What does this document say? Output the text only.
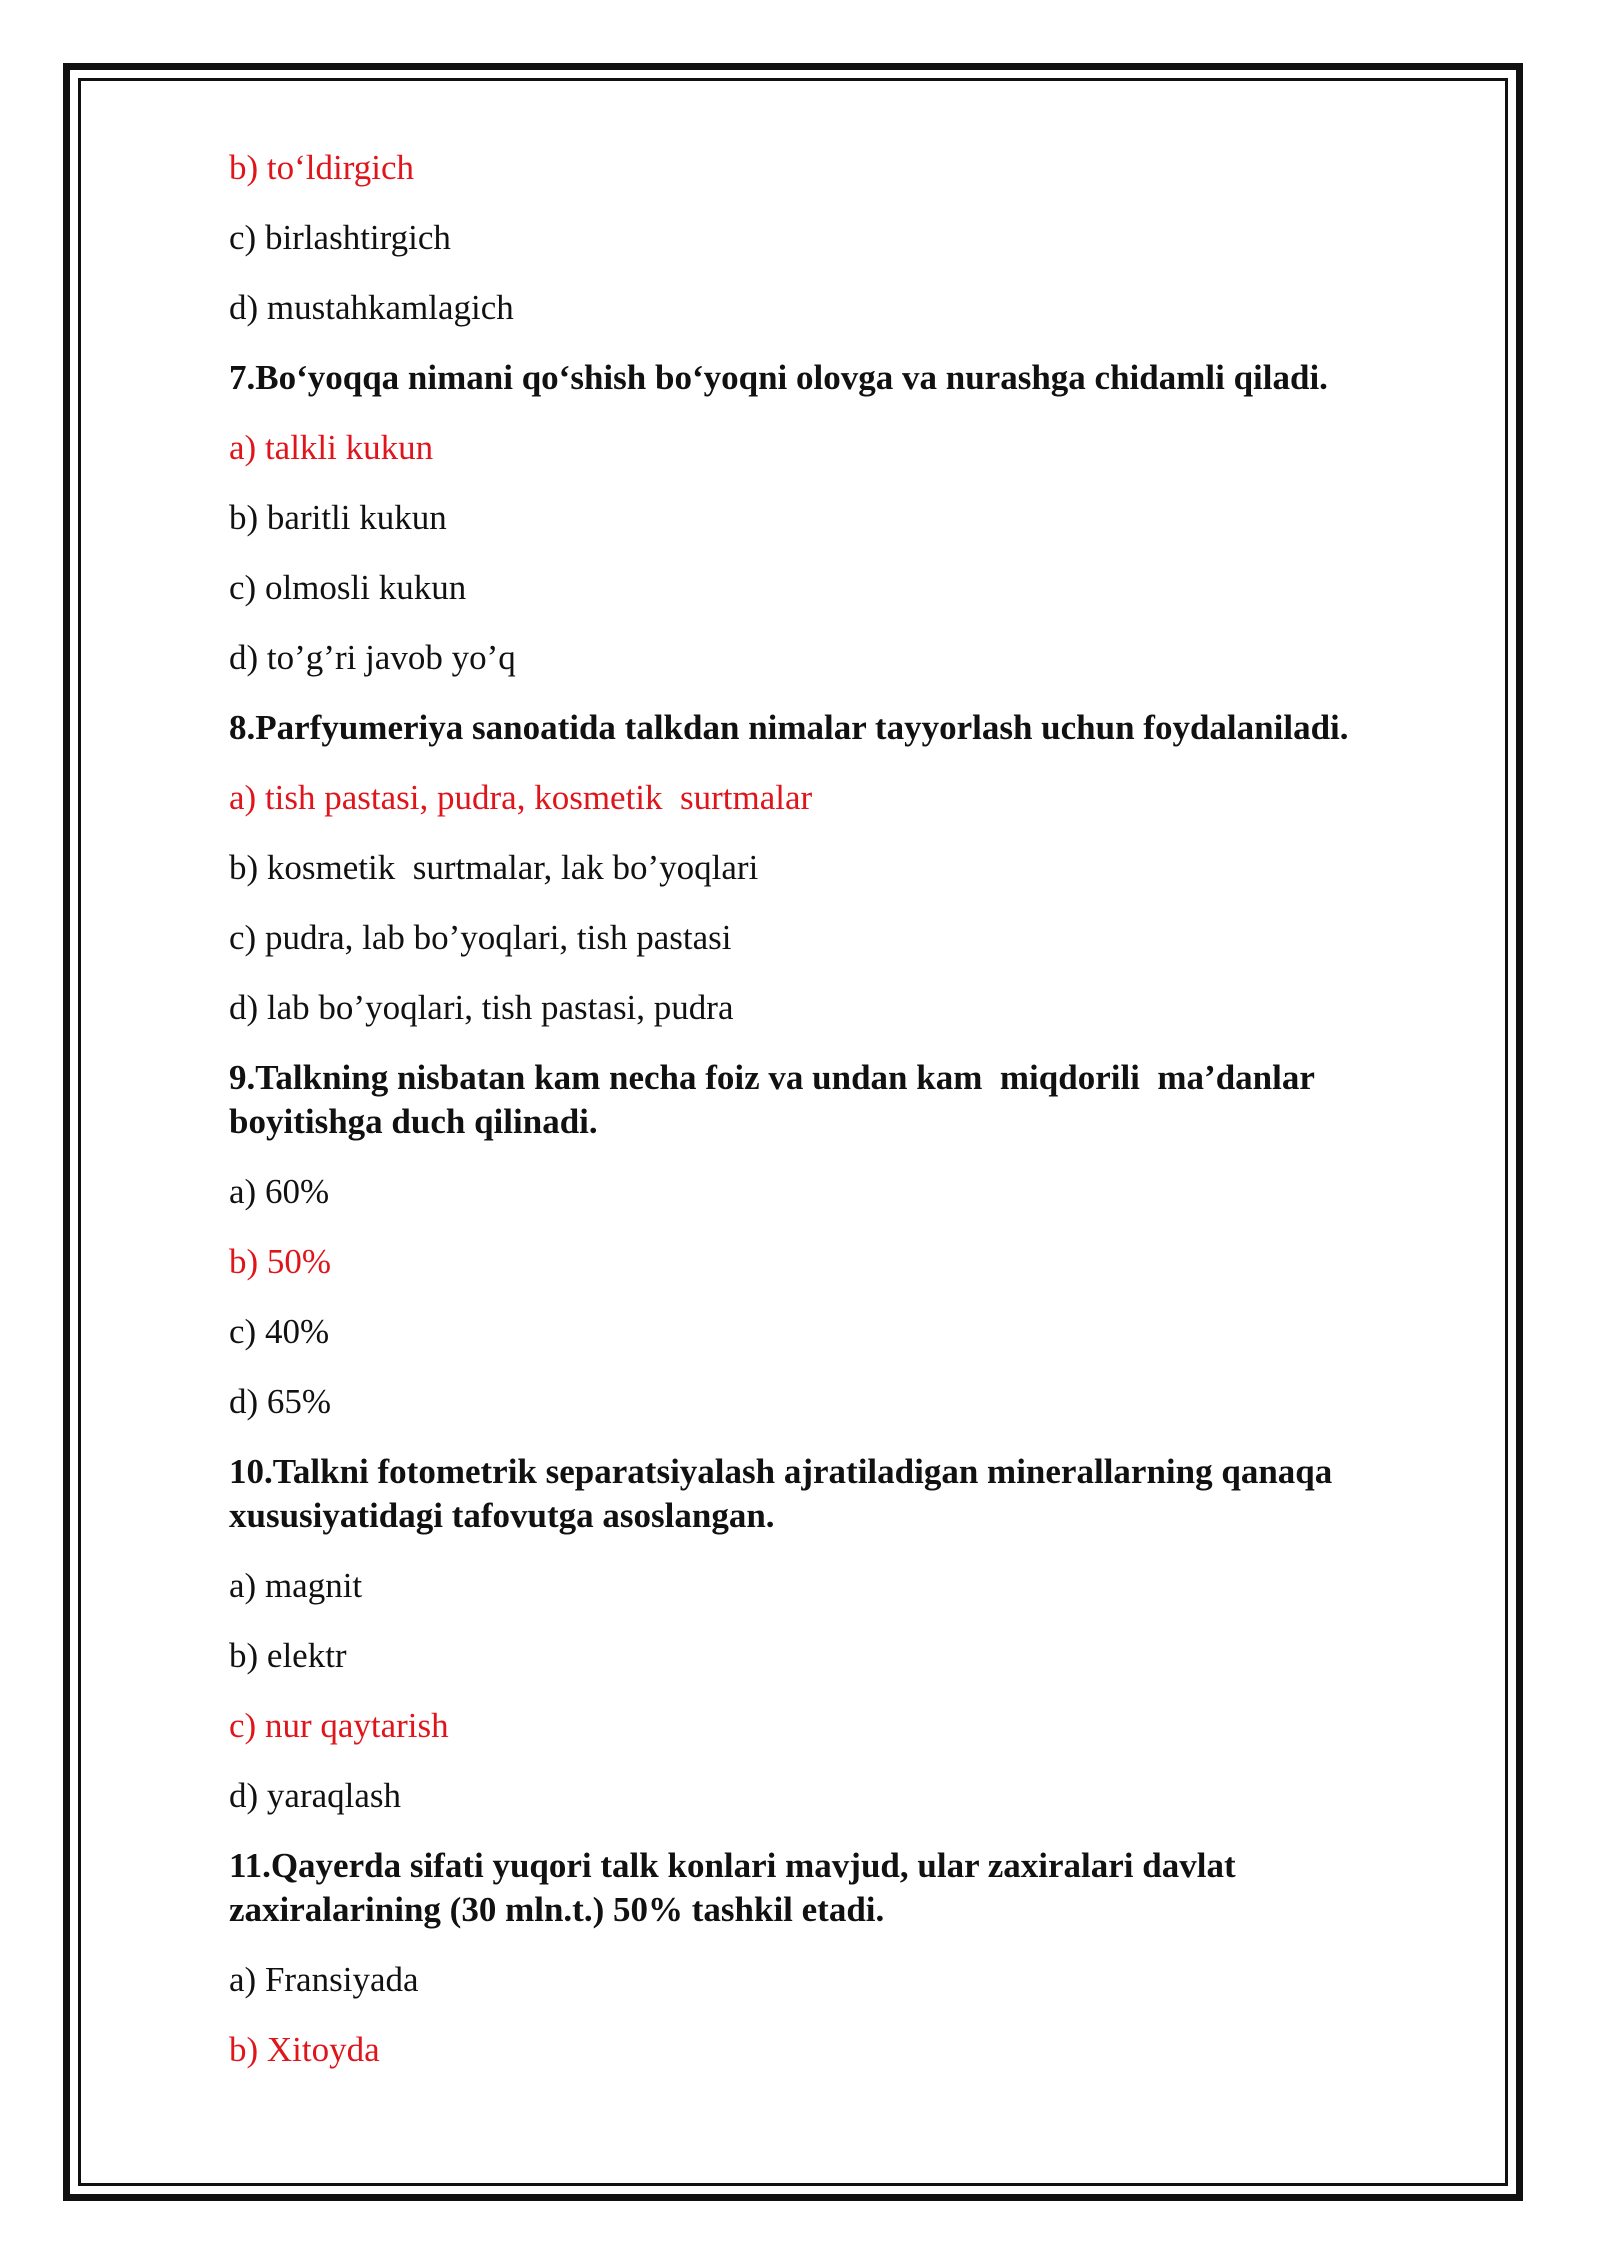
b) to‘ldirgich
c) birlashtirgich
d) mustahkamlagich
7.Bo‘yoqqa nimani qo‘shish bo‘yoqni olovga va nurashga chidamli qiladi.
a) talkli kukun
b) baritli kukun
c) olmosli kukun
d) to’g’ri javob yo’q
8.Parfyumeriya sanoatida talkdan nimalar tayyorlash uchun foydalaniladi.
a) tish pastasi, pudra, kosmetik  surtmalar
b) kosmetik  surtmalar, lak bo’yoqlari
c) pudra, lab bo’yoqlari, tish pastasi
d) lab bo’yoqlari, tish pastasi, pudra
9.Talkning nisbatan kam necha foiz va undan kam  miqdorili  ma’danlar
boyitishga duch qilinadi.
a) 60%
b) 50%
c) 40%
d) 65%
10.Talkni fotometrik separatsiyalash ajratiladigan minerallarning qanaqa
xususiyatidagi tafovutga asoslangan.
a) magnit
b) elektr
c) nur qaytarish
d) yaraqlash
11.Qayerda sifati yuqori talk konlari mavjud, ular zaxiralari davlat
zaxiralarining (30 mln.t.) 50% tashkil etadi.
a) Fransiyada
b) Xitoyda
